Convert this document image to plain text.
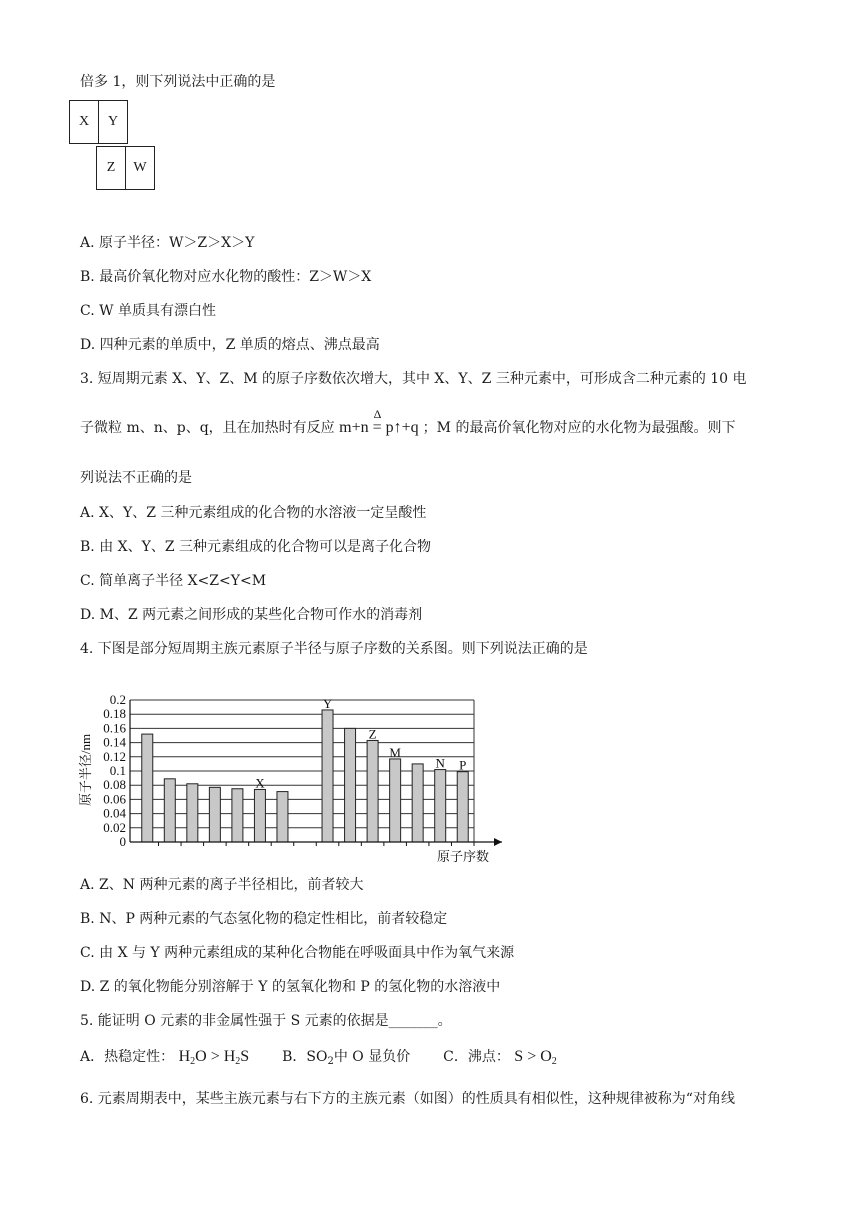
倍多 1，则下列说法中正确的是
X	Y
Z	W
A. 原子半径：W＞Z＞X＞Y
B. 最高价氧化物对应水化物的酸性：Z＞W＞X
C. W 单质具有漂白性
D. 四种元素的单质中，Z 单质的熔点、沸点最高
3. 短周期元素 X、Y、Z、M 的原子序数依次增大，其中 X、Y、Z 三种元素中，可形成含二种元素的 10 电
子微粒 m、n、p、q，且在加热时有反应 m+n
Δ
= p↑+q ；M 的最高价氧化物对应的水化物为最强酸。则下
列说法不正确的是
A. X、Y、Z 三种元素组成的化合物的水溶液一定呈酸性
B. 由 X、Y、Z 三种元素组成的化合物可以是离子化合物
C. 简单离子半径 X<Z<Y<M
D. M、Z 两元素之间形成的某些化合物可作水的消毒剂
4. 下图是部分短周期主族元素原子半径与原子序数的关系图。则下列说法正确的是
0
0.02
0.04
0.06
0.08
0.1
0.12
0.14
0.16
0.18
0.2
X
Y
Z
M
N P
原子半径/nm
原子序数
A. Z、N 两种元素的离子半径相比，前者较大
B. N、P 两种元素的气态氢化物的稳定性相比，前者较稳定
C. 由 X 与 Y 两种元素组成的某种化合物能在呼吸面具中作为氧气来源
D. Z 的氧化物能分别溶解于 Y 的氢氧化物和 P 的氢化物的水溶液中
5. 能证明 O 元素的非金属性强于 S 元素的依据是_______。
A．热稳定性： $H_2O > H_2S$ B．$SO_2$中 O 显负价 C．沸点： $S > O_2$
6. 元素周期表中，某些主族元素与右下方的主族元素（如图）的性质具有相似性，这种规律被称为“对角线
